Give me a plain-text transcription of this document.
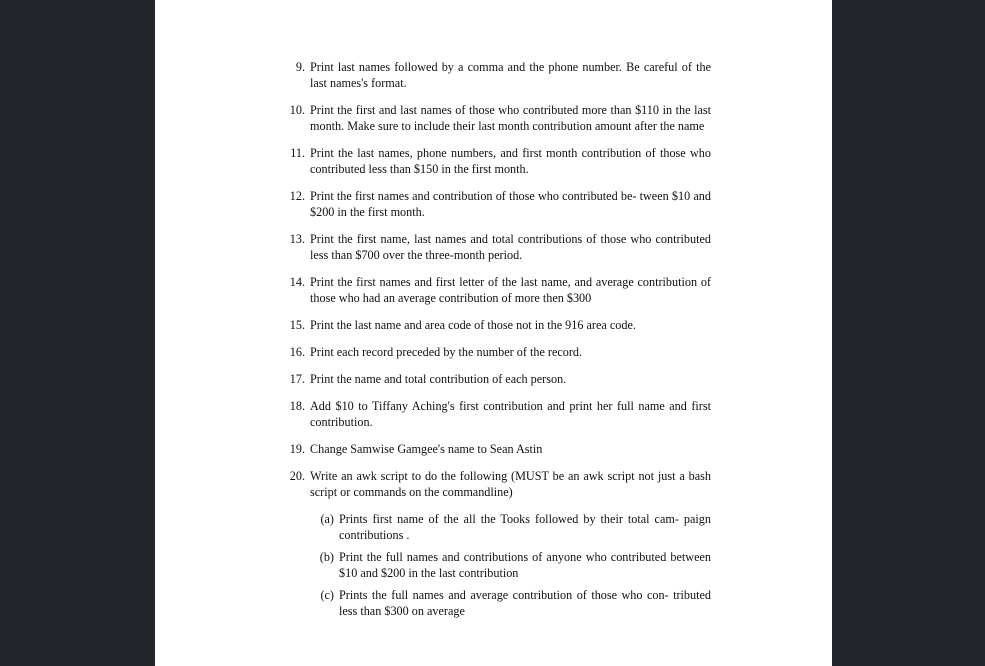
9. Print last names followed by a comma and the phone number. Be careful of the last names's format.
10. Print the first and last names of those who contributed more than $110 in the last month. Make sure to include their last month contribution amount after the name
11. Print the last names, phone numbers, and first month contribution of those who contributed less than $150 in the first month.
12. Print the first names and contribution of those who contributed be- tween $10 and $200 in the first month.
13. Print the first name, last names and total contributions of those who contributed less than $700 over the three-month period.
14. Print the first names and first letter of the last name, and average contribution of those who had an average contribution of more then $300
15. Print the last name and area code of those not in the 916 area code.
16. Print each record preceded by the number of the record.
17. Print the name and total contribution of each person.
18. Add $10 to Tiffany Aching's first contribution and print her full name and first contribution.
19. Change Samwise Gamgee's name to Sean Astin
20. Write an awk script to do the following (MUST be an awk script not just a bash script or commands on the commandline)
(a) Prints first name of the all the Tooks followed by their total cam- paign contributions .
(b) Print the full names and contributions of anyone who contributed between $10 and $200 in the last contribution
(c) Prints the full names and average contribution of those who con- tributed less than $300 on average
